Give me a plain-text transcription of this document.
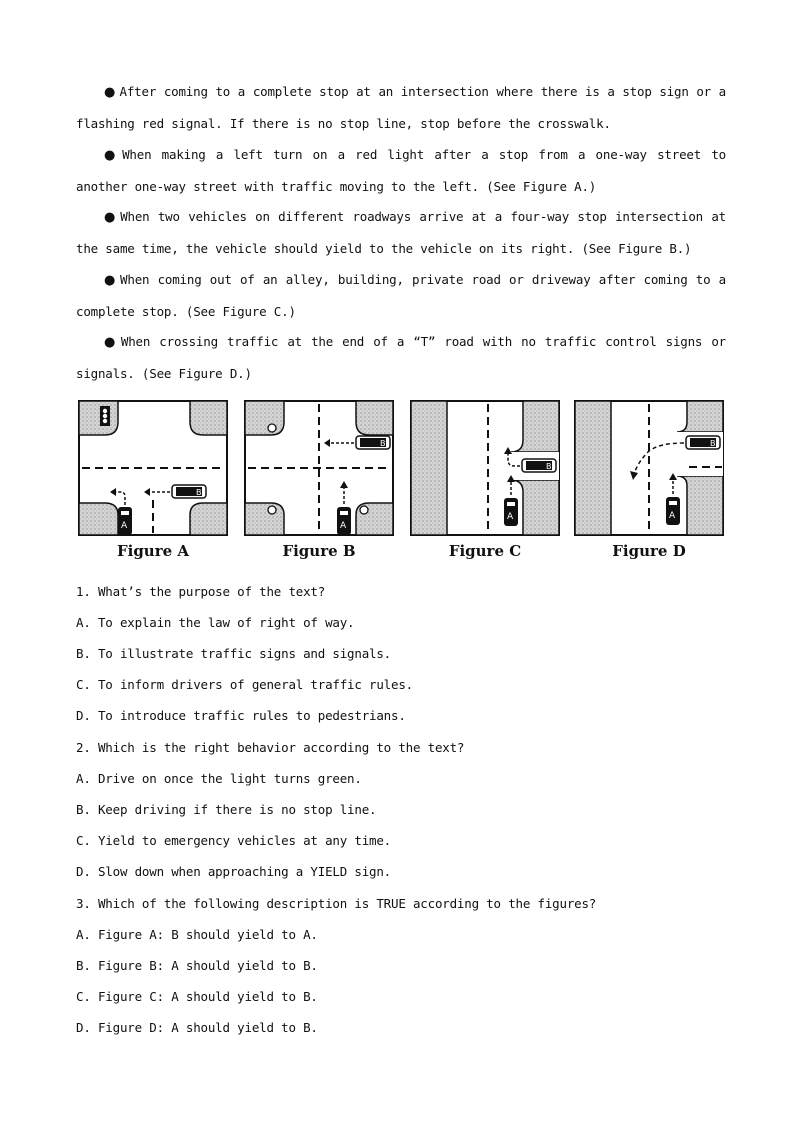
● After coming to a complete stop at an intersection where there is a stop sign or a flashing red signal. If there is no stop line, stop before the crosswalk.

● When making a left turn on a red light after a stop from a one-way street to another one-way street with traffic moving to the left. (See Figure A.)

● When two vehicles on different roadways arrive at a four-way stop intersection at the same time, the vehicle should yield to the vehicle on its right. (See Figure B.)

● When coming out of an alley, building, private road or driveway after coming to a complete stop. (See Figure C.)

● When crossing traffic at the end of a “T” road with no traffic control signs or signals. (See Figure D.)

B
A
Figure A
B
A
Figure B
B
A
Figure C
B
A
Figure D

1. What’s the purpose of the text?

A. To explain the law of right of way.

B. To illustrate traffic signs and signals.

C. To inform drivers of general traffic rules.

D. To introduce traffic rules to pedestrians.

2. Which is the right behavior according to the text?

A. Drive on once the light turns green.

B. Keep driving if there is no stop line.

C. Yield to emergency vehicles at any time.

D. Slow down when approaching a YIELD sign.

3. Which of the following description is TRUE according to the figures?

A. Figure A: B should yield to A.

B. Figure B: A should yield to B.

C. Figure C: A should yield to B.

D. Figure D: A should yield to B.
